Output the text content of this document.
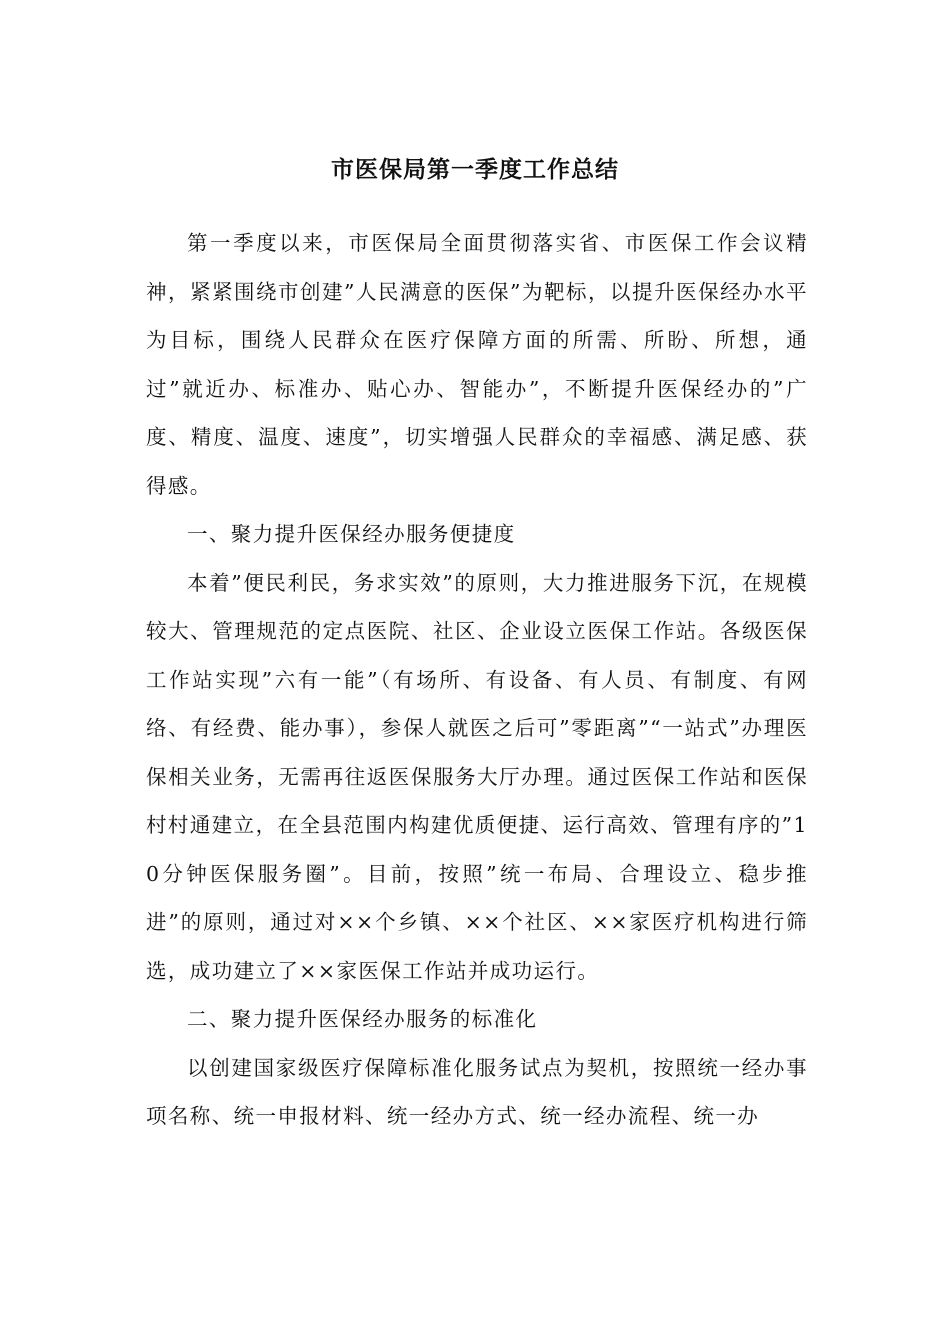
市医保局第一季度工作总结

第一季度以来，市医保局全面贯彻落实省、市医保工作会议精神，紧紧围绕市创建”人民满意的医保”为靶标，以提升医保经办水平为目标，围绕人民群众在医疗保障方面的所需、所盼、所想，通过”就近办、标准办、贴心办、智能办”，不断提升医保经办的”广度、精度、温度、速度”，切实增强人民群众的幸福感、满足感、获得感。

一、聚力提升医保经办服务便捷度

本着”便民利民，务求实效”的原则，大力推进服务下沉，在规模较大、管理规范的定点医院、社区、企业设立医保工作站。各级医保工作站实现”六有一能”（有场所、有设备、有人员、有制度、有网络、有经费、能办事），参保人就医之后可”零距离”“一站式”办理医保相关业务，无需再往返医保服务大厅办理。通过医保工作站和医保村村通建立，在全县范围内构建优质便捷、运行高效、管理有序的”10分钟医保服务圈”。目前，按照”统一布局、合理设立、稳步推进”的原则，通过对××个乡镇、××个社区、××家医疗机构进行筛选，成功建立了××家医保工作站并成功运行。

二、聚力提升医保经办服务的标准化

以创建国家级医疗保障标准化服务试点为契机，按照统一经办事项名称、统一申报材料、统一经办方式、统一经办流程、统一办
